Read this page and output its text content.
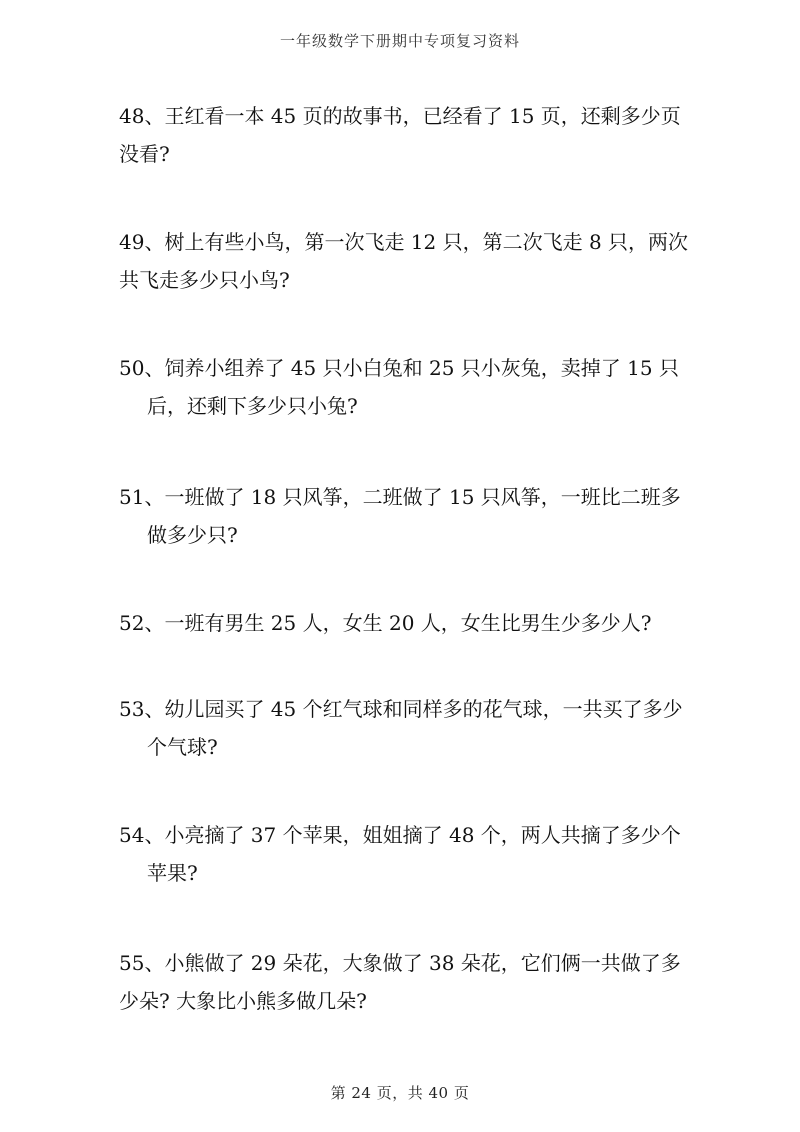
一年级数学下册期中专项复习资料
48、王红看一本 45 页的故事书，已经看了 15 页，还剩多少页
没看?
49、树上有些小鸟，第一次飞走 12 只，第二次飞走 8 只，两次
共飞走多少只小鸟?
50、饲养小组养了 45 只小白兔和 25 只小灰兔，卖掉了 15 只
后，还剩下多少只小兔?
51、一班做了 18 只风筝，二班做了 15 只风筝，一班比二班多
做多少只?
52、一班有男生 25 人，女生 20 人，女生比男生少多少人?
53、幼儿园买了 45 个红气球和同样多的花气球，一共买了多少
个气球?
54、小亮摘了 37 个苹果，姐姐摘了 48 个，两人共摘了多少个
苹果?
55、小熊做了 29 朵花，大象做了 38 朵花，它们俩一共做了多
少朵? 大象比小熊多做几朵?
第 24 页，共 40 页
